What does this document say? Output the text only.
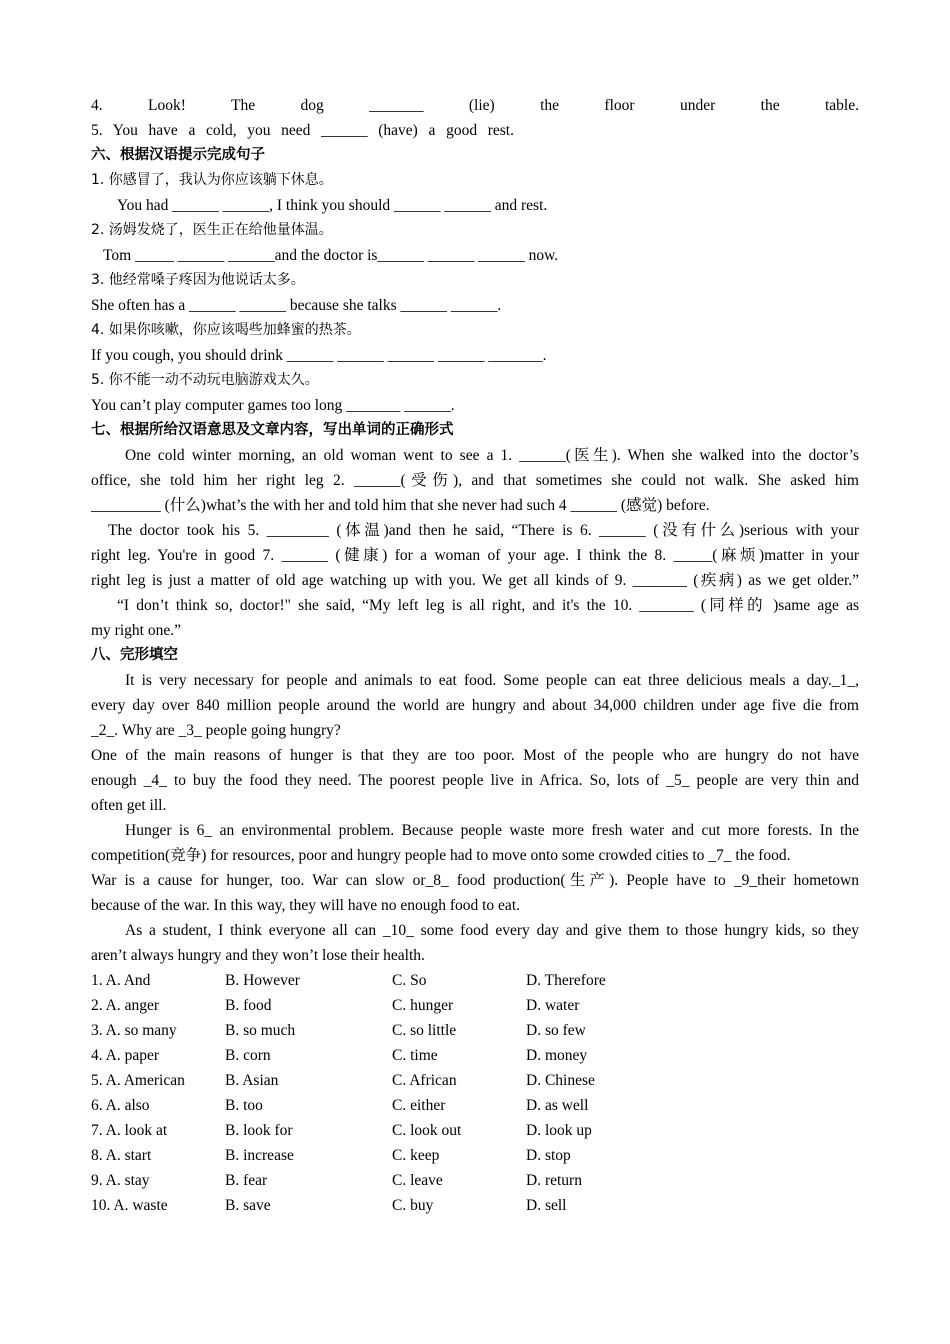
4. Look! The dog _______ (lie) the floor under the table.
5. You have a cold, you need ______ (have) a good rest.
六、根据汉语提示完成句子
1. 你感冒了，我认为你应该躺下休息。
You had ______ ______, I think you should ______ ______ and rest.
2. 汤姆发烧了，医生正在给他量体温。
Tom _____ ______ ______and the doctor is______ ______ ______ now.
3. 他经常嗓子疼因为他说话太多。
She often has a ______ ______ because she talks ______ ______.
4. 如果你咳嗽，你应该喝些加蜂蜜的热茶。
If you cough, you should drink ______ ______ ______ ______ _______.
5. 你不能一动不动玩电脑游戏太久。
You can’t play computer games too long _______ ______.
七、根据所给汉语意思及文章内容，写出单词的正确形式
One cold winter morning, an old woman went to see a 1. ______(医生). When she walked into the doctor’s
office, she told him her right leg 2. ______(受伤), and that sometimes she could not walk. She asked him
_________ (什么)what’s the with her and told him that she never had such 4 ______ (感觉) before.
The doctor took his 5. ________ (体温)and then he said, “There is 6. ______ (没有什么)serious with your
right leg. You're in good 7. ______ (健康) for a woman of your age. I think the 8. _____(麻烦)matter in your
right leg is just a matter of old age watching up with you. We get all kinds of 9. _______ (疾病) as we get older.”
“I don’t think so, doctor!" she said, “My left leg is all right, and it's the 10. _______ (同样的 )same age as
my right one.”
八、完形填空
It is very necessary for people and animals to eat food. Some people can eat three delicious meals a day._1_,
every day over 840 million people around the world are hungry and about 34,000 children under age five die from
_2_. Why are _3_ people going hungry?
One of the main reasons of hunger is that they are too poor. Most of the people who are hungry do not have
enough _4_ to buy the food they need. The poorest people live in Africa. So, lots of _5_ people are very thin and
often get ill.
Hunger is 6_ an environmental problem. Because people waste more fresh water and cut more forests. In the
competition(竞争) for resources, poor and hungry people had to move onto some crowded cities to _7_ the food.
War is a cause for hunger, too. War can slow or_8_ food production(生产). People have to _9_their hometown
because of the war. In this way, they will have no enough food to eat.
As a student, I think everyone all can _10_ some food every day and give them to those hungry kids, so they
aren’t always hungry and they won’t lose their health.
1. A. And	B. However	C. So	D. Therefore
2. A. anger	B. food	C. hunger	D. water
3. A. so many	B. so much	C. so little	D. so few
4. A. paper	B. corn	C. time	D. money
5. A. American	B. Asian	C. African	D. Chinese
6. A. also	B. too	C. either	D. as well
7. A. look at	B. look for	C. look out	D. look up
8. A. start	B. increase	C. keep	D. stop
9. A. stay	B. fear	C. leave	D. return
10. A. waste	B. save	C. buy	D. sell
